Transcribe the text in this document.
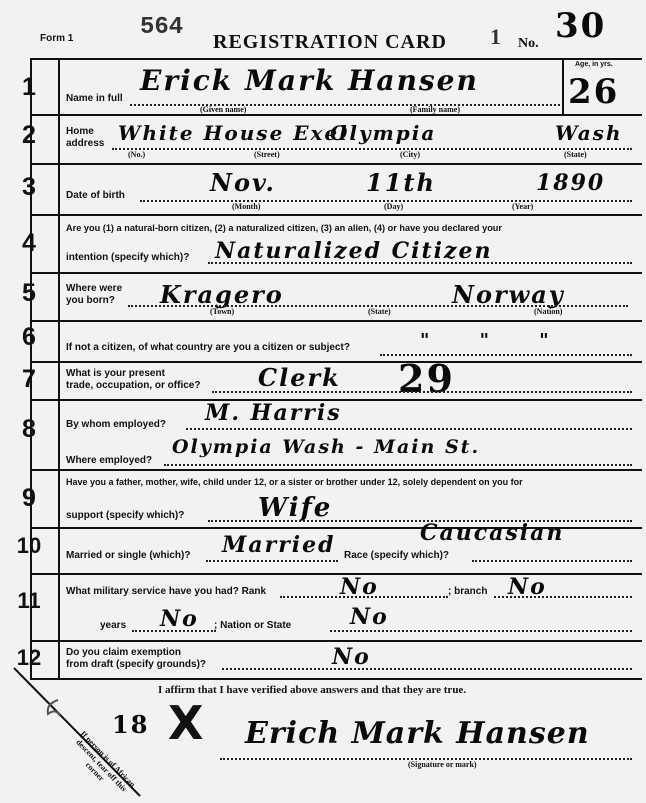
Form 1	564
REGISTRATION CARD 1 No. 30
1	Name in full
Erick Mark Hansen
(Given name)	(Family name)
Age, in yrs.
26
2	Home
address White House Exel
Olympia	Wash
(No.)	(Street)	(City)	(State)
3	Date of birth	Nov.	11th	1890
(Month)	(Day)	(Year)
4
Are you (1) a natural-born citizen, (2) a naturalized citizen, (3) an alien, (4) or have you declared your
intention (specify which)? Naturalized Citizen
5	Where were
you born? Kragero	Norway
(Town)	(State)	(Nation)
6	If not a citizen, of what country are you a citizen or subject?	" " "
7	What is your present
trade, occupation, or office? Clerk 29
8	By whom employed? M. Harris
Where employed?
Olympia Wash - Main St.
9
Have you a father, mother, wife, child under 12, or a sister or brother under 12, solely dependent on you for
support (specify which)?	Wife
10	Married or single (which)? Married Race (specify which)?
Caucasian
11	What military service have you had? Rank	No	; branch No
years No ; Nation or State	No
12	Do you claim exemption
from draft (specify grounds)?	No
If person is of African descent, tear off this corner
I affirm that I have verified above answers and that they are true.
18 X Erich Mark Hansen
(Signature or mark)
